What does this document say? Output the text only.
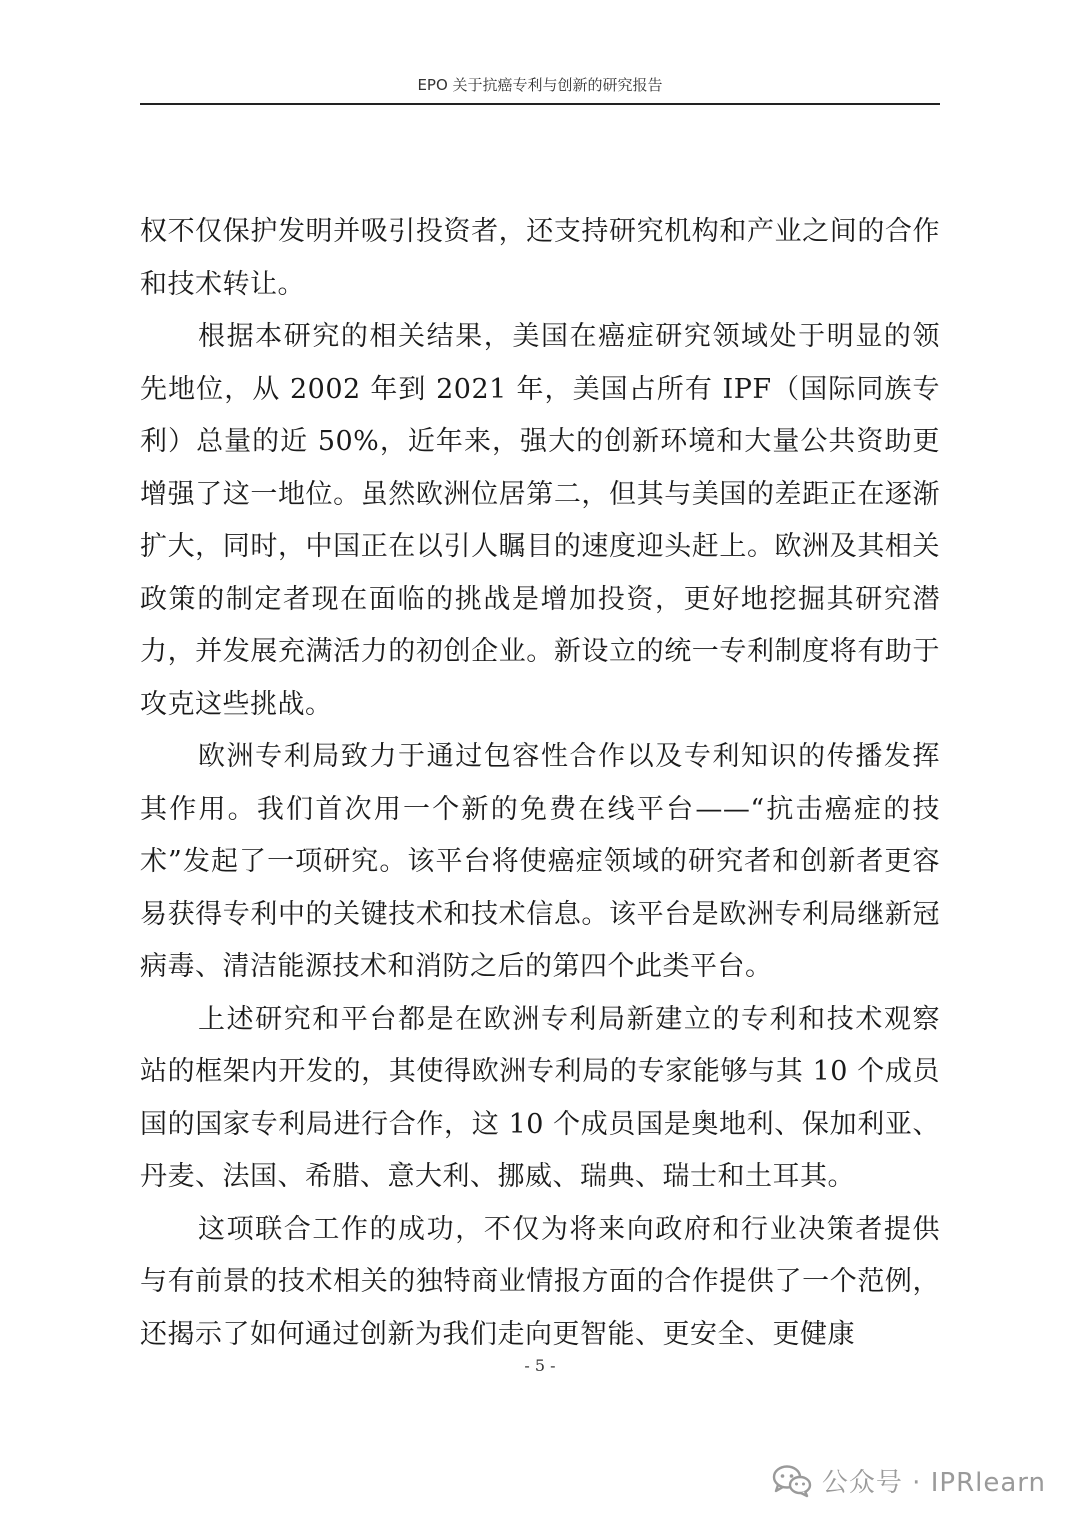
EPO 关于抗癌专利与创新的研究报告

权不仅保护发明并吸引投资者，还支持研究机构和产业之间的合作和技术转让。

根据本研究的相关结果，美国在癌症研究领域处于明显的领先地位，从 2002 年到 2021 年，美国占所有 IPF（国际同族专利）总量的近 50%，近年来，强大的创新环境和大量公共资助更增强了这一地位。虽然欧洲位居第二，但其与美国的差距正在逐渐扩大，同时，中国正在以引人瞩目的速度迎头赶上。欧洲及其相关政策的制定者现在面临的挑战是增加投资，更好地挖掘其研究潜力，并发展充满活力的初创企业。新设立的统一专利制度将有助于攻克这些挑战。

欧洲专利局致力于通过包容性合作以及专利知识的传播发挥其作用。我们首次用一个新的免费在线平台——“抗击癌症的技术”发起了一项研究。该平台将使癌症领域的研究者和创新者更容易获得专利中的关键技术和技术信息。该平台是欧洲专利局继新冠病毒、清洁能源技术和消防之后的第四个此类平台。

上述研究和平台都是在欧洲专利局新建立的专利和技术观察站的框架内开发的，其使得欧洲专利局的专家能够与其 10 个成员国的国家专利局进行合作，这 10 个成员国是奥地利、保加利亚、丹麦、法国、希腊、意大利、挪威、瑞典、瑞士和土耳其。

这项联合工作的成功，不仅为将来向政府和行业决策者提供与有前景的技术相关的独特商业情报方面的合作提供了一个范例，还揭示了如何通过创新为我们走向更智能、更安全、更健康

- 5 -
公众号 · IPRlearn
